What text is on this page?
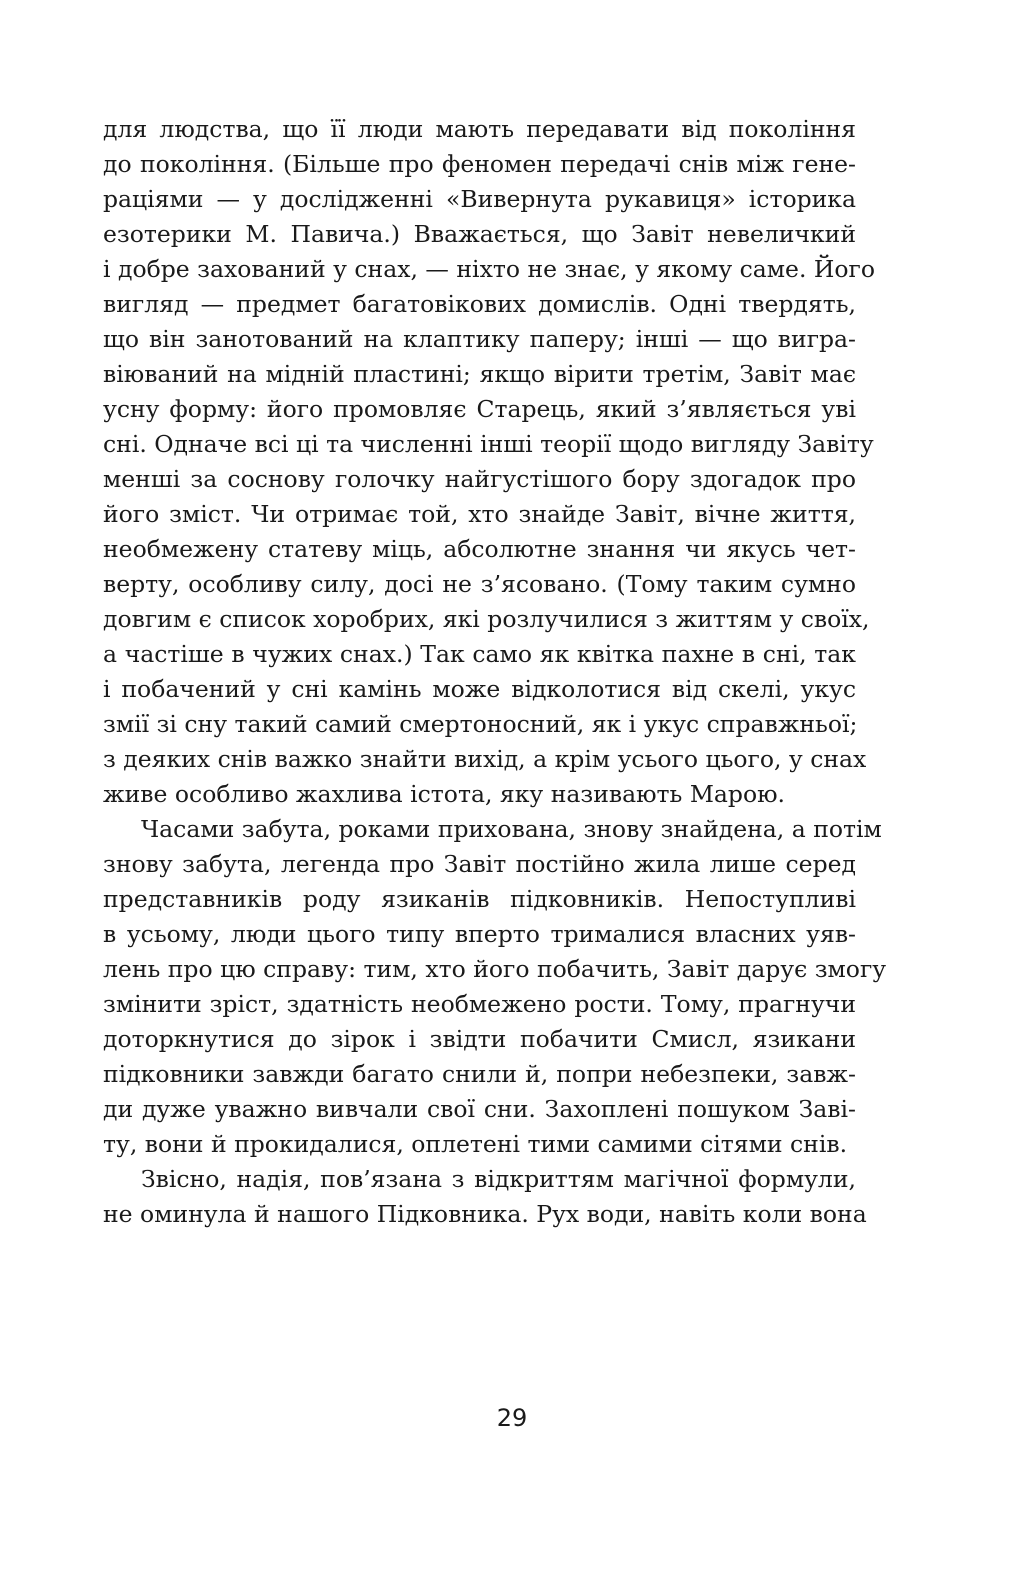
для людства, що її люди мають передавати від покоління
до покоління. (Більше про феномен передачі снів між гене-
раціями — у дослідженні «Вивернута рукавиця» історика
езотерики М. Павича.) Вважається, що Завіт невеличкий
і добре захований у снах, — ніхто не знає, у якому саме. Його
вигляд — предмет багатовікових домислів. Одні твердять,
що він занотований на клаптику паперу; інші — що вигра-
віюваний на мідній пластині; якщо вірити третім, Завіт має
усну форму: його промовляє Старець, який з’являється уві
сні. Одначе всі ці та численні інші теорії щодо вигляду Завіту
менші за соснову голочку найгустішого бору здогадок про
його зміст. Чи отримає той, хто знайде Завіт, вічне життя,
необмежену статеву міць, абсолютне знання чи якусь чет-
верту, особливу силу, досі не з’ясовано. (Тому таким сумно
довгим є список хоробрих, які розлучилися з життям у своїх,
а частіше в чужих снах.) Так само як квітка пахне в сні, так
і побачений у сні камінь може відколотися від скелі, укус
змії зі сну такий самий смертоносний, як і укус справжньої;
з деяких снів важко знайти вихід, а крім усього цього, у снах
живе особливо жахлива істота, яку називають Марою.
Часами забута, роками прихована, знову знайдена, а потім
знову забута, легенда про Завіт постійно жила лише серед
представників роду язиканів підковників. Непоступливі
в усьому, люди цього типу вперто трималися власних уяв-
лень про цю справу: тим, хто його побачить, Завіт дарує змогу
змінити зріст, здатність необмежено рости. Тому, прагнучи
доторкнутися до зірок і звідти побачити Смисл, язикани
підковники завжди багато снили й, попри небезпеки, завж-
ди дуже уважно вивчали свої сни. Захоплені пошуком Заві-
ту, вони й прокидалися, оплетені тими самими сітями снів.
Звісно, надія, пов’язана з відкриттям магічної формули,
не оминула й нашого Підковника. Рух води, навіть коли вона
29
